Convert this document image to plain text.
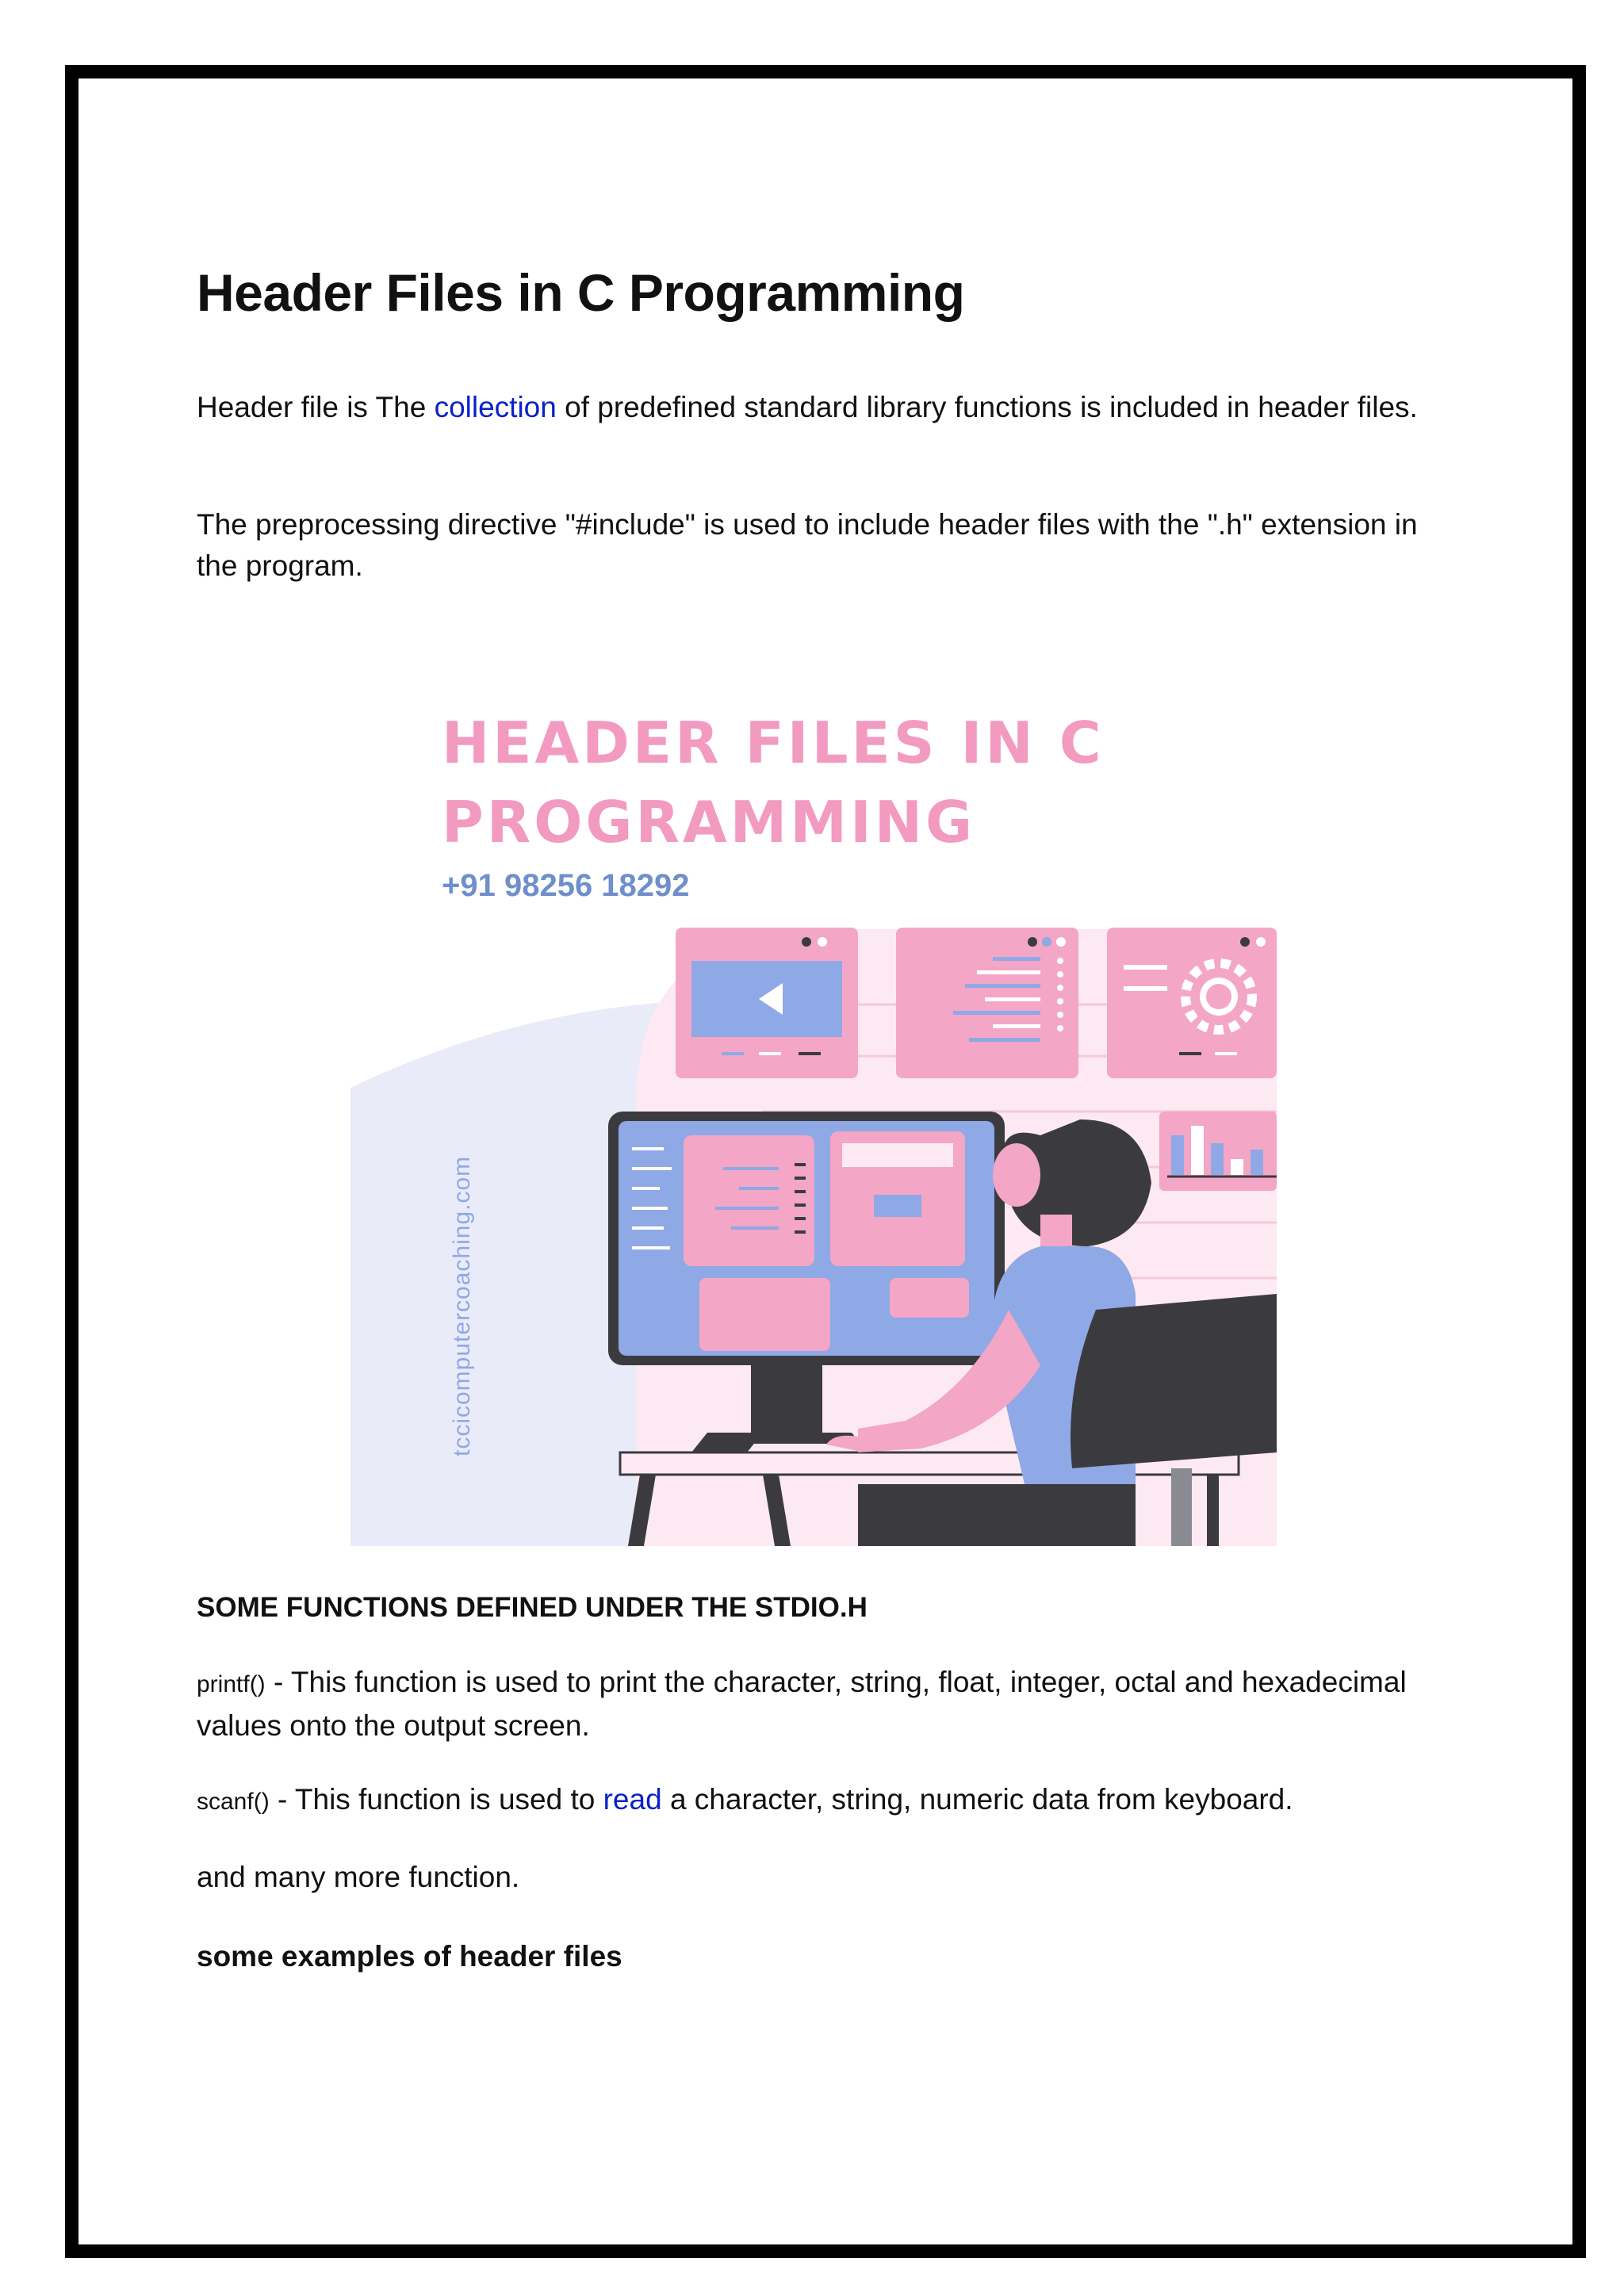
Header Files in C Programming

Header file is The collection of predefined standard library functions is included in header files.

The preprocessing directive "#include" is used to include header files with the ".h" extension in the program.

SOME FUNCTIONS DEFINED UNDER THE STDIO.H

printf() - This function is used to print the character, string, float, integer, octal and hexadecimal values onto the output screen.

scanf() - This function is used to read a character, string, numeric data from keyboard.

and many more function.

some examples of header files

HEADER FILES IN C
PROGRAMMING
+91 98256 18292
tccicomputercoaching.com
